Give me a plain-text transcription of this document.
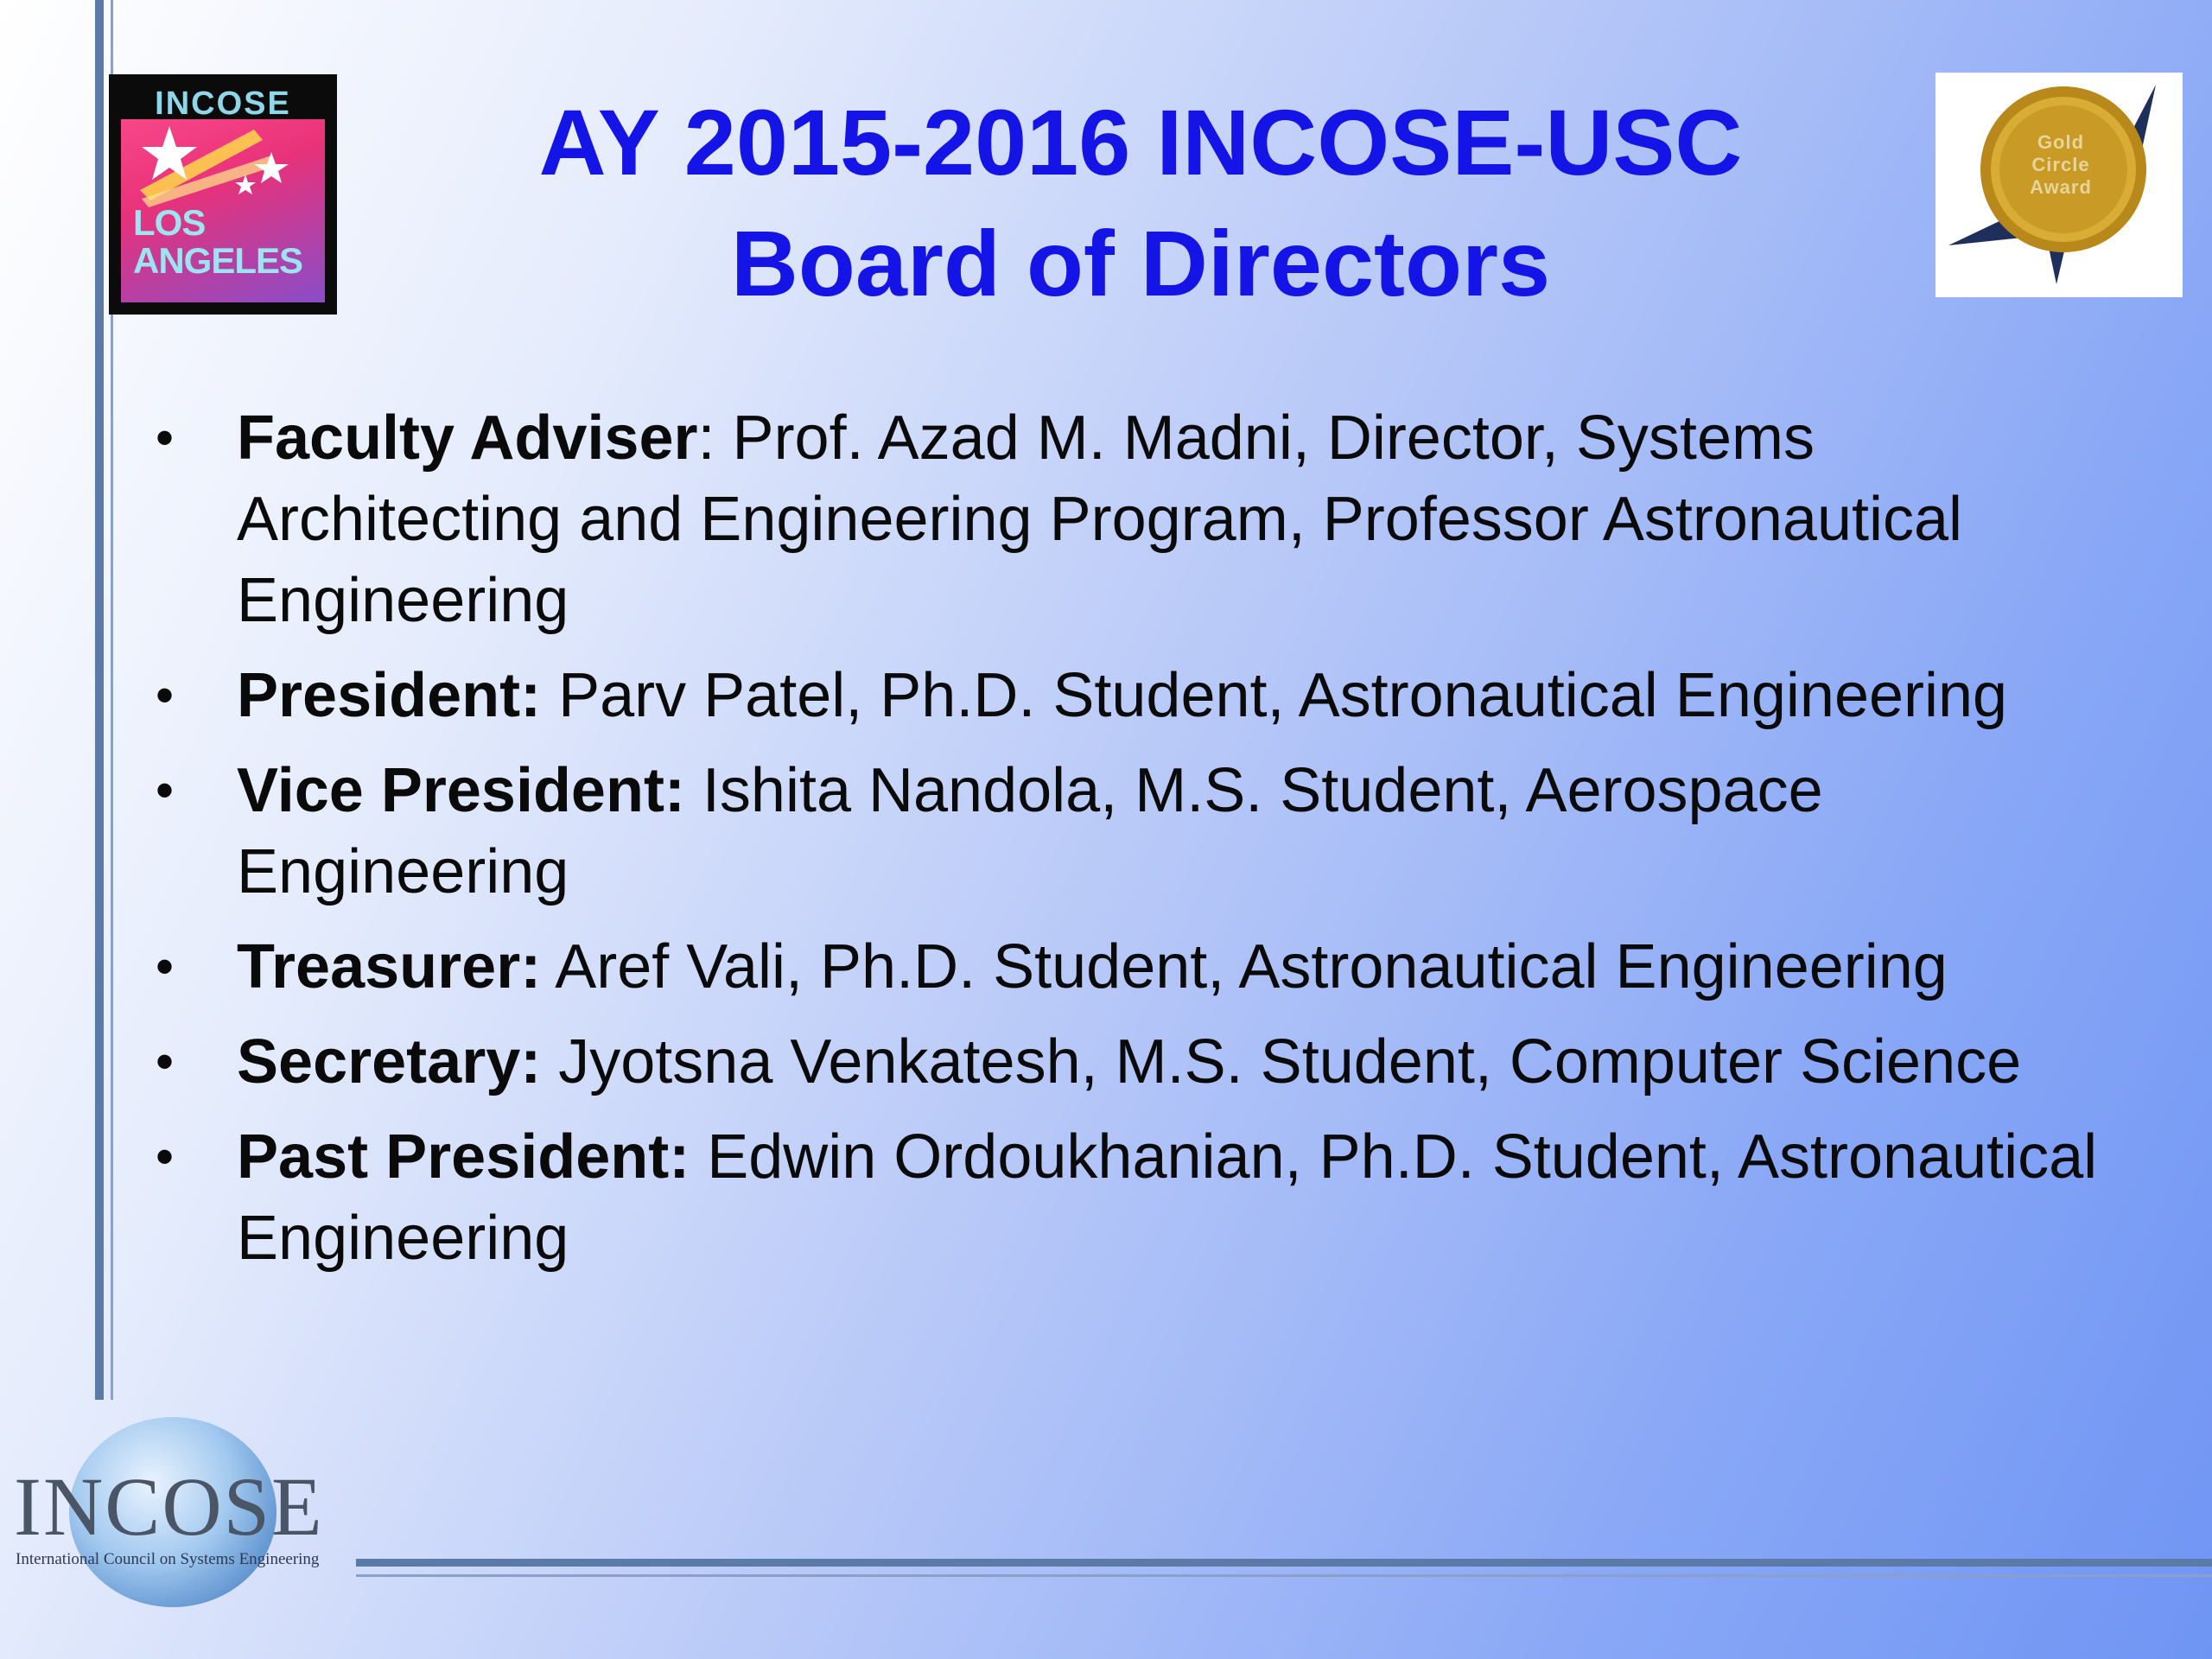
INCOSE
LOS
ANGELES
AY 2015-2016 INCOSE-USC
Board of Directors
Gold
Circle
Award
• Faculty Adviser: Prof. Azad M. Madni, Director, Systems Architecting and Engineering Program, Professor Astronautical Engineering
• President: Parv Patel, Ph.D. Student, Astronautical Engineering
• Vice President: Ishita Nandola, M.S. Student, Aerospace Engineering
• Treasurer: Aref Vali, Ph.D. Student, Astronautical Engineering
• Secretary: Jyotsna Venkatesh, M.S. Student, Computer Science
• Past President: Edwin Ordoukhanian, Ph.D. Student, Astronautical Engineering
INCOSE
International Council on Systems Engineering
